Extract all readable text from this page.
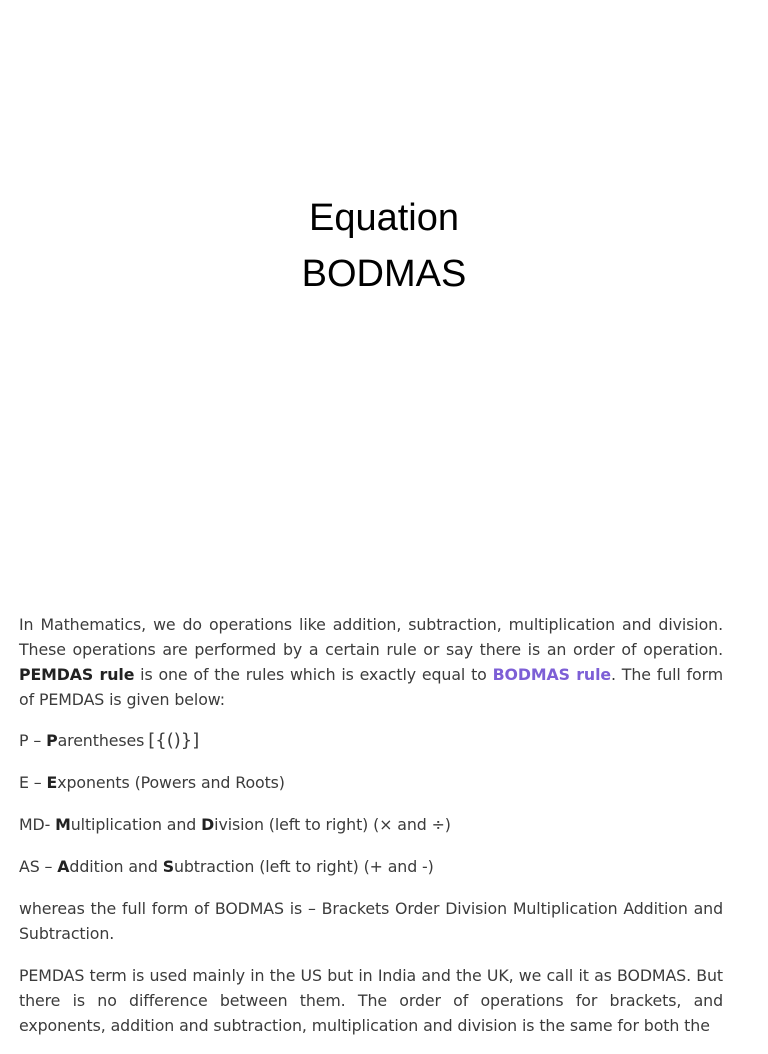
Equation
BODMAS

In Mathematics, we do operations like addition, subtraction, multiplication and division. These operations are performed by a certain rule or say there is an order of operation. PEMDAS rule is one of the rules which is exactly equal to BODMAS rule. The full form of PEMDAS is given below:

P – Parentheses [{()}]

E – Exponents (Powers and Roots)

MD- Multiplication and Division (left to right) (× and ÷)

AS – Addition and Subtraction (left to right) (+ and -)

whereas the full form of BODMAS is – Brackets Order Division Multiplication Addition and Subtraction.

PEMDAS term is used mainly in the US but in India and the UK, we call it as BODMAS. But there is no difference between them. The order of operations for brackets, and exponents, addition and subtraction, multiplication and division is the same for both the
